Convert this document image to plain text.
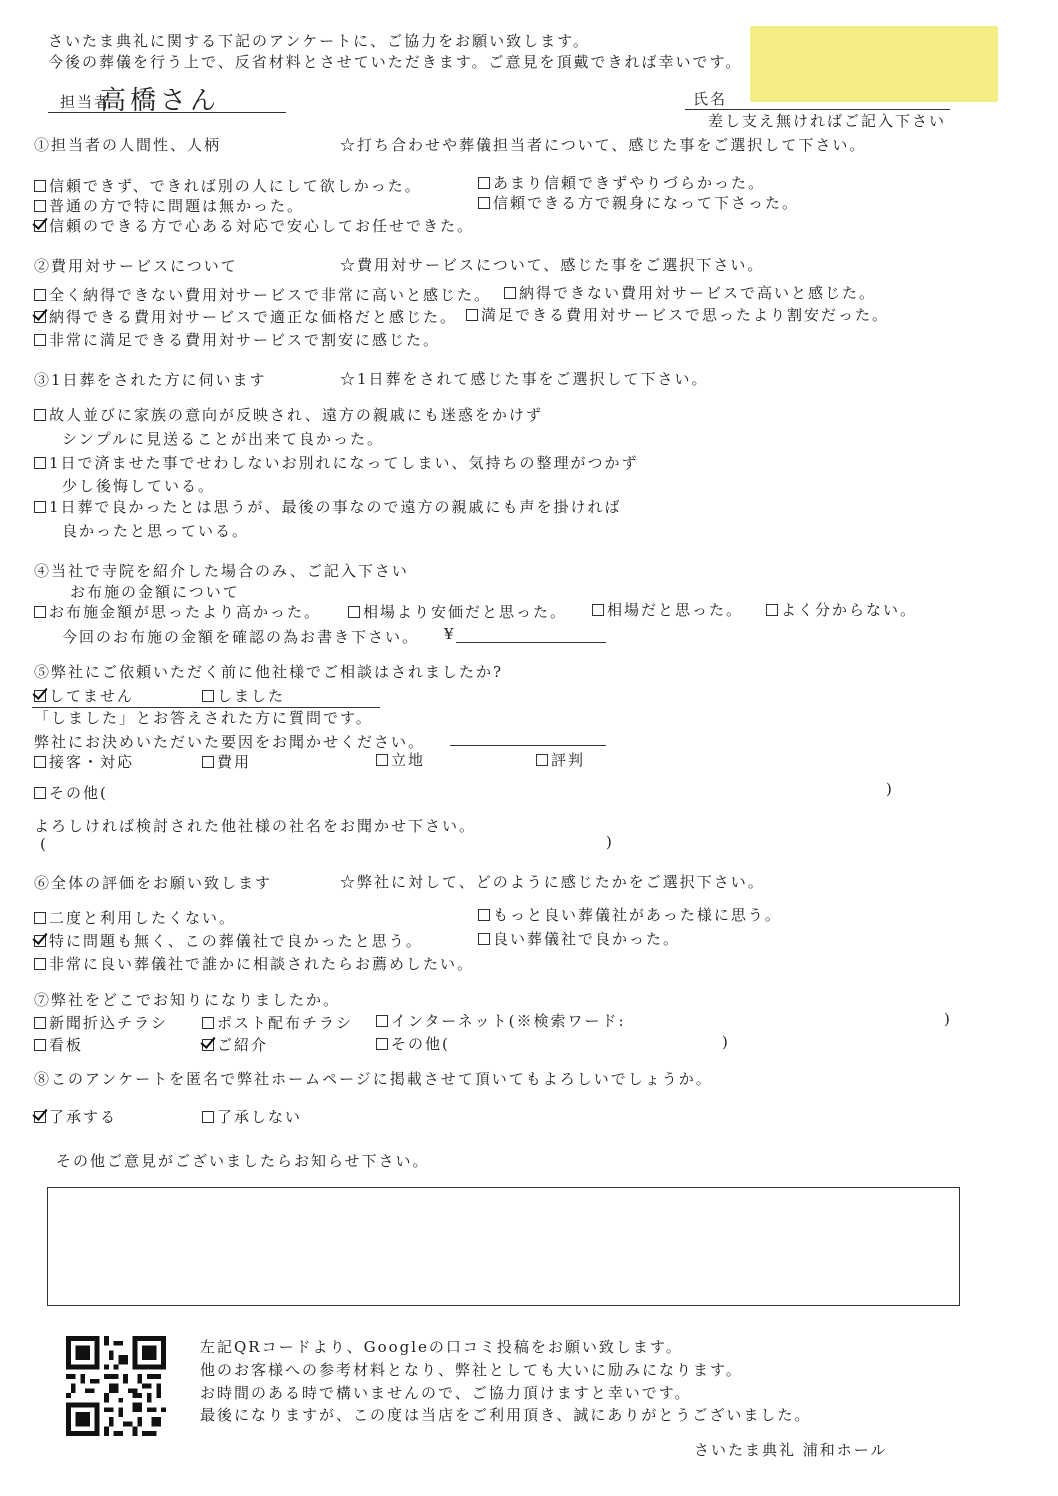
さいたま典礼に関する下記のアンケートに、ご協力をお願い致します。
今後の葬儀を行う上で、反省材料とさせていただきます。ご意見を頂戴できれば幸いです。
担当者
高橋さん	氏名
差し支え無ければご記入下さい
①担当者の人間性、人柄	☆打ち合わせや葬儀担当者について、感じた事をご選択して下さい。
信頼できず、できれば別の人にして欲しかった。	あまり信頼できずやりづらかった。
普通の方で特に問題は無かった。	信頼できる方で親身になって下さった。
信頼のできる方で心ある対応で安心してお任せできた。
②費用対サービスについて	☆費用対サービスについて、感じた事をご選択下さい。
全く納得できない費用対サービスで非常に高いと感じた。	納得できない費用対サービスで高いと感じた。
納得できる費用対サービスで適正な価格だと感じた。	満足できる費用対サービスで思ったより割安だった。
非常に満足できる費用対サービスで割安に感じた。
③1日葬をされた方に伺います	☆1日葬をされて感じた事をご選択して下さい。
故人並びに家族の意向が反映され、遠方の親戚にも迷惑をかけず
シンプルに見送ることが出来て良かった。
1日で済ませた事でせわしないお別れになってしまい、気持ちの整理がつかず
少し後悔している。
1日葬で良かったとは思うが、最後の事なので遠方の親戚にも声を掛ければ
良かったと思っている。
④当社で寺院を紹介した場合のみ、ご記入下さい
お布施の金額について
お布施金額が思ったより高かった。	相場より安価だと思った。	相場だと思った。	よく分からない。
今回のお布施の金額を確認の為お書き下さい。 ¥
⑤弊社にご依頼いただく前に他社様でご相談はされましたか?
してません	しました
「しました」とお答えされた方に質問です。
弊社にお決めいただいた要因をお聞かせください。
接客・対応	費用	立地	評判
その他(	)
よろしければ検討された他社様の社名をお聞かせ下さい。
(	)
⑥全体の評価をお願い致します	☆弊社に対して、どのように感じたかをご選択下さい。
二度と利用したくない。	もっと良い葬儀社があった様に思う。
特に問題も無く、この葬儀社で良かったと思う。	良い葬儀社で良かった。
非常に良い葬儀社で誰かに相談されたらお薦めしたい。
⑦弊社をどこでお知りになりましたか。
新聞折込チラシ	ポスト配布チラシ	インターネット(※検索ワード:	)
看板	ご紹介	その他(	)
⑧このアンケートを匿名で弊社ホームページに掲載させて頂いてもよろしいでしょうか。
了承する	了承しない
その他ご意見がございましたらお知らせ下さい。
左記QRコードより、Googleの口コミ投稿をお願い致します。
他のお客様への参考材料となり、弊社としても大いに励みになります。
お時間のある時で構いませんので、ご協力頂けますと幸いです。
最後になりますが、この度は当店をご利用頂き、誠にありがとうございました。
さいたま典礼 浦和ホール
